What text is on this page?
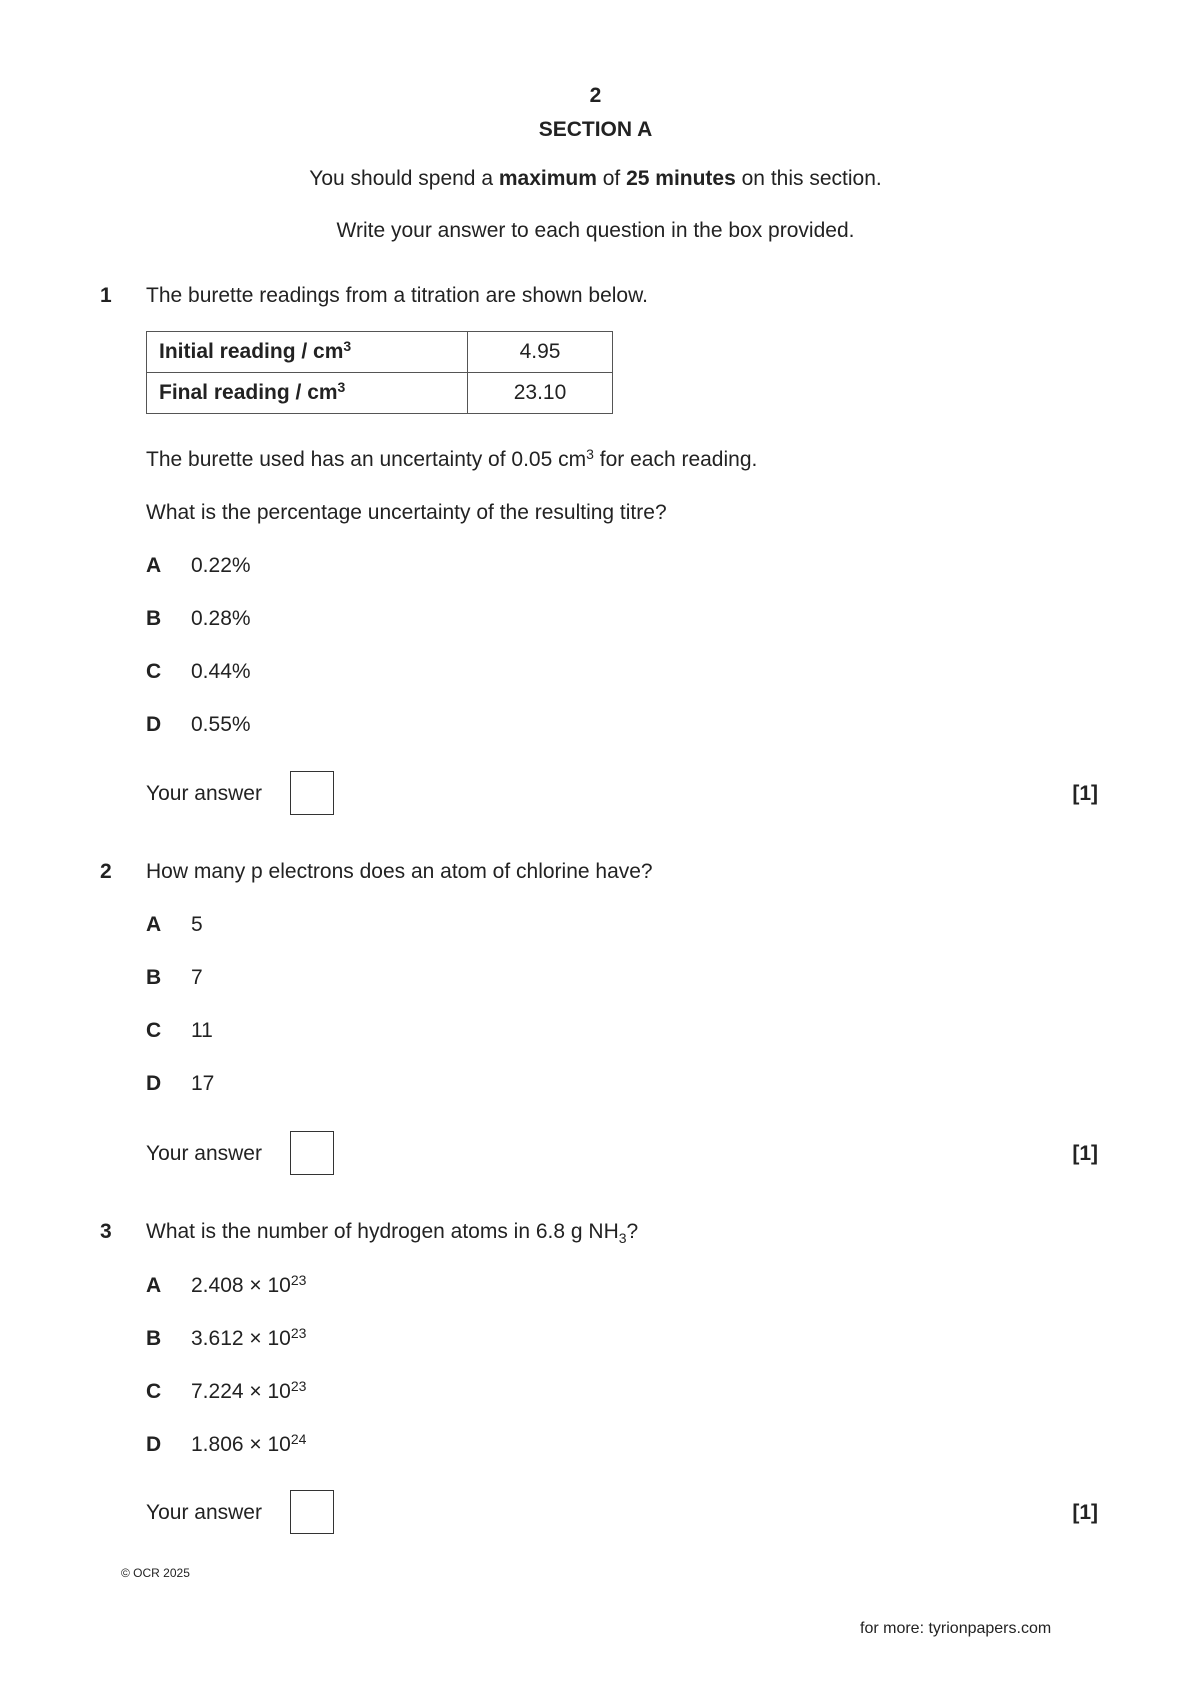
2
SECTION A
You should spend a maximum of 25 minutes on this section.
Write your answer to each question in the box provided.
1 The burette readings from a titration are shown below.
Initial reading / $cm^3$	4.95
Final reading / $cm^3$	23.10
The burette used has an uncertainty of 0.05 $cm^3$ for each reading.
What is the percentage uncertainty of the resulting titre?
A 0.22%
B 0.28%
C 0.44%
D 0.55%
Your answer	[1]
2 How many p electrons does an atom of chlorine have?
A 5
B 7
C 11
D 17
Your answer	[1]
3 What is the number of hydrogen atoms in 6.8 g $NH_3$?
A $2.408 \times 10^{23}$
B $3.612 \times 10^{23}$
C $7.224 \times 10^{23}$
D $1.806 \times 10^{24}$
Your answer	[1]
© OCR 2025
for more: tyrionpapers.com
